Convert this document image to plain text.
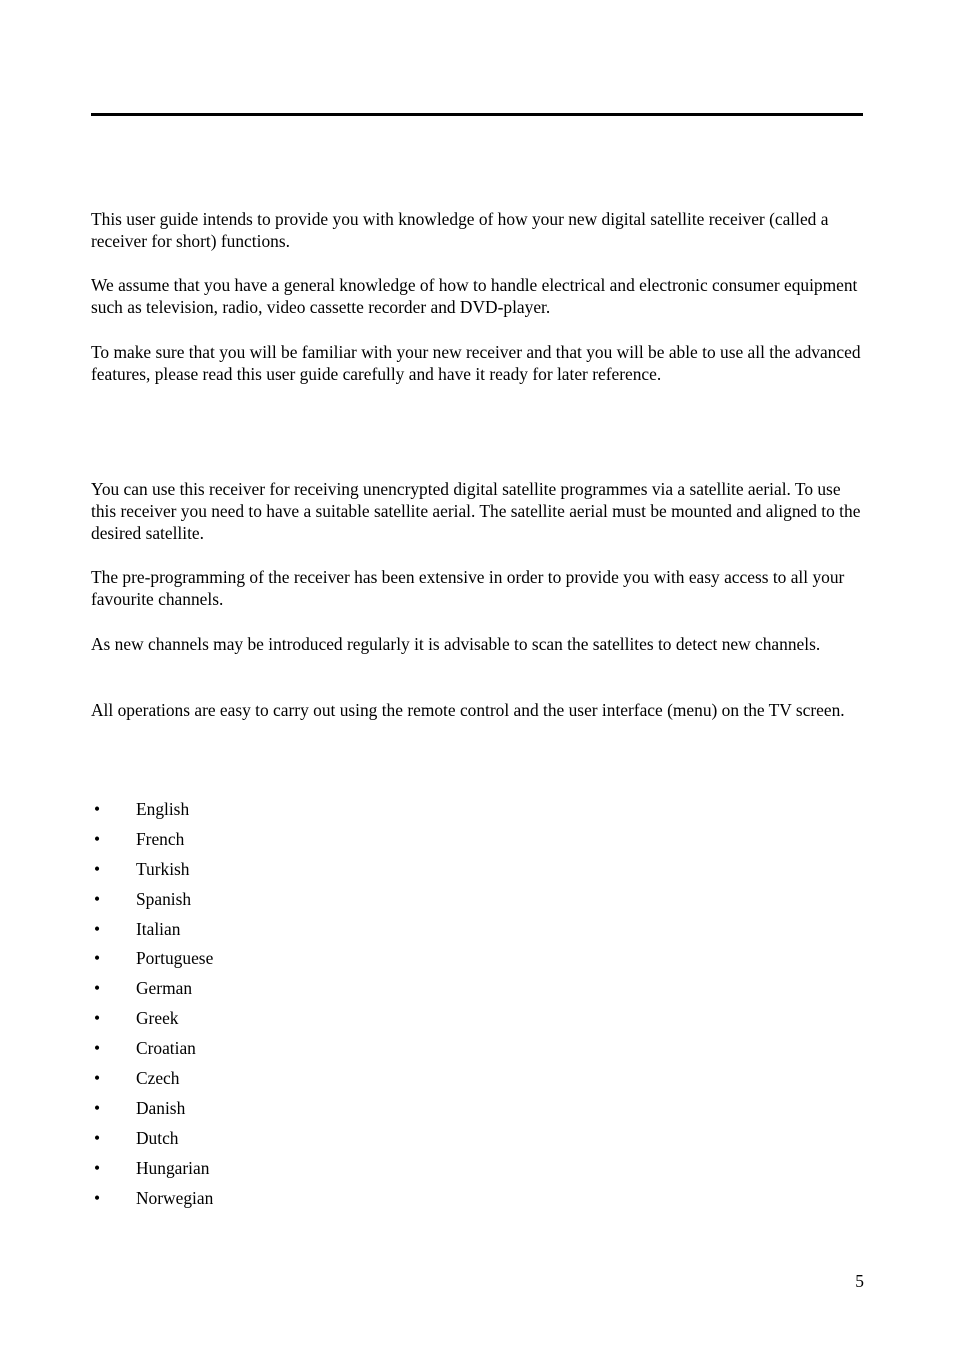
This user guide intends to provide you with knowledge of how your new digital satellite receiver (called a receiver for short) functions.

We assume that you have a general knowledge of how to handle electrical and electronic consumer equipment such as television, radio, video cassette recorder and DVD-player.

To make sure that you will be familiar with your new receiver and that you will be able to use all the advanced features, please read this user guide carefully and have it ready for later reference.

You can use this receiver for receiving unencrypted digital satellite programmes via a satellite aerial. To use this receiver you need to have a suitable satellite aerial. The satellite aerial must be mounted and aligned to the desired satellite.

The pre-programming of the receiver has been extensive in order to provide you with easy access to all your favourite channels.

As new channels may be introduced regularly it is advisable to scan the satellites to detect new channels.

All operations are easy to carry out using the remote control and the user interface (menu) on the TV screen.

•	English
•	French
•	Turkish
•	Spanish
•	Italian
•	Portuguese
•	German
•	Greek
•	Croatian
•	Czech
•	Danish
•	Dutch
•	Hungarian
•	Norwegian
5
